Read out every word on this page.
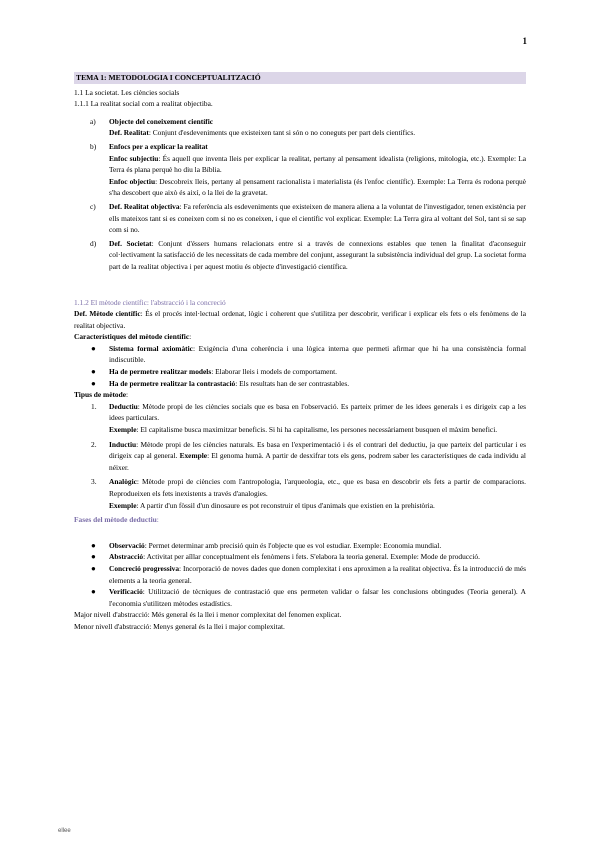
1
TEMA 1: METODOLOGIA I CONCEPTUALITZACIÓ
1.1 La societat. Les ciències socials
1.1.1 La realitat social com a realitat objectiba.
a) Objecte del coneixement científic
Def. Realitat: Conjunt d'esdeveniments que existeixen tant si són o no coneguts per part dels científics.
b) Enfocs per a explicar la realitat
Enfoc subjectiu: És aquell que inventa lleis per explicar la realitat, pertany al pensament idealista (religions, mitologia, etc.). Exemple: La Terra és plana perquè ho diu la Bíblia.
Enfoc objectiu: Descobreix lleis, pertany al pensament racionalista i materialista (és l'enfoc científic). Exemple: La Terra és rodona perquè s'ha descobert que això és així, o la llei de la gravetat.
c) Def. Realitat objectiva: Fa referència als esdeveniments que existeixen de manera aliena a la voluntat de l'investigador, tenen existència per ells mateixos tant si es coneixen com si no es coneixen, i que el científic vol explicar. Exemple: La Terra gira al voltant del Sol, tant si se sap com si no.
d) Def. Societat: Conjunt d'éssers humans relacionats entre si a través de connexions estables que tenen la finalitat d'aconseguir col·lectivament la satisfacció de les necessitats de cada membre del conjunt, assegurant la subsistència individual del grup. La societat forma part de la realitat objectiva i per aquest motiu és objecte d'investigació científica.
1.1.2 El mètode científic: l'abstracció i la concreció
Def. Mètode científic: És el procés intel·lectual ordenat, lògic i coherent que s'utilitza per descobrir, verificar i explicar els fets o els fenòmens de la realitat objectiva.
Característiques del mètode científic:
● Sistema formal axiomàtic: Exigència d'una coherència i una lògica interna que permeti afirmar que hi ha una consistència formal indiscutible.
● Ha de permetre realitzar models: Elaborar lleis i models de comportament.
● Ha de permetre realitzar la contrastació: Els resultats han de ser contrastables.
Tipus de mètode:
1. Deductiu: Mètode propi de les ciències socials que es basa en l'observació. Es parteix primer de les idees generals i es dirigeix cap a les idees particulars.
Exemple: El capitalisme busca maximitzar beneficis. Si hi ha capitalisme, les persones necessàriament busquen el màxim benefici.
2. Inductiu: Mètode propi de les ciències naturals. Es basa en l'experimentació i és el contrari del deductiu, ja que parteix del particular i es dirigeix cap al general. Exemple: El genoma humà. A partir de desxifrar tots els gens, podrem saber les característiques de cada individu al néixer.
3. Analògic: Mètode propi de ciències com l'antropologia, l'arqueologia, etc., que es basa en descobrir els fets a partir de comparacions. Reprodueixen els fets inexistents a través d'analogies.
Exemple: A partir d'un fòssil d'un dinosaure es pot reconstruir el tipus d'animals que existien en la prehistòria.
Fases del mètode deductiu:
● Observació: Permet determinar amb precisió quin és l'objecte que es vol estudiar. Exemple: Economia mundial.
● Abstracció: Activitat per aïllar conceptualment els fenòmens i fets. S'elabora la teoria general. Exemple: Mode de producció.
● Concreció progressiva: Incorporació de noves dades que donen complexitat i ens aproximen a la realitat objectiva. És la introducció de més elements a la teoria general.
● Verificació: Utilització de tècniques de contrastació que ens permeten validar o falsar les conclusions obtingudes (Teoria general). A l'economia s'utilitzen mètodes estadístics.
Major nivell d'abstracció: Més general és la llei i menor complexitat del fenomen explicat.
Menor nivell d'abstracció: Menys general és la llei i major complexitat.
ellee
